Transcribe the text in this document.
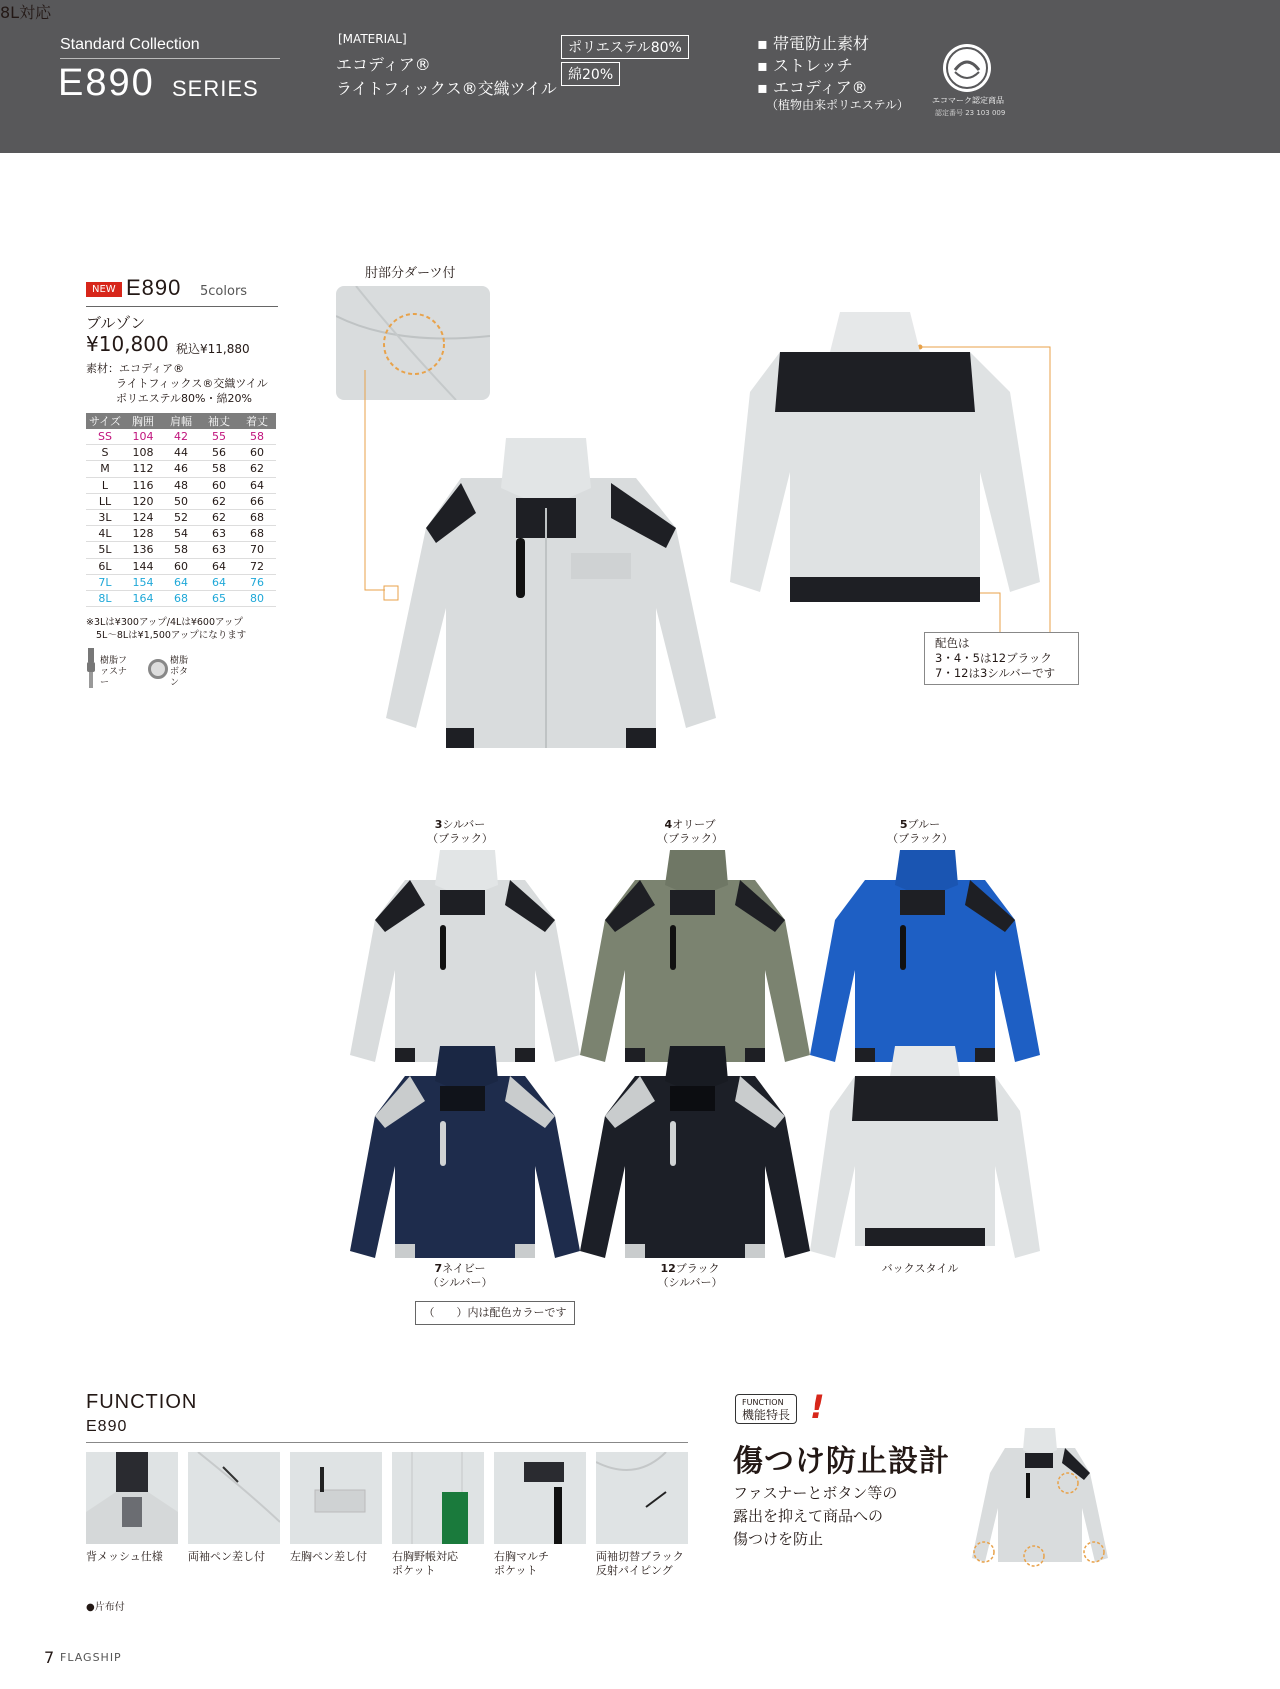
Standard Collection
E890 SERIES
[MATERIAL]
エコディア®
ライトフィックス®交織ツイル
ポリエステル80%
綿20%
▪ 帯電防止素材
▪ ストレッチ
▪ エコディア®
（植物由来ポリエステル）	エコマーク認定商品
認定番号 23 103 009
NEW E890 5colors
ブルゾン
¥10,800 税込¥11,880
素材：エコディア®
ライトフィックス®交織ツイル
ポリエステル80%・綿20%
サイズ	胸囲	肩幅	袖丈	着丈
SS	104	42	55	58
S	108	44	56	60
M	112	46	58	62
L	116	48	60	64
LL	120	50	62	66
3L	124	52	62	68
4L	128	54	63	68
5L	136	58	63	70
6L	144	60	64	72
7L	154	64	64	76
8L	164	68	65	80
※3Lは¥300アップ/4Lは¥600アップ
5L〜8Lは¥1,500アップになります
樹脂ファスナー
樹脂ボタン
8L対応
肘部分ダーツ付
配色は
3・4・5は12ブラック
7・12は3シルバーです
3シルバー
（ブラック）
4オリーブ
（ブラック）
5ブルー
（ブラック）
7ネイビー
（シルバー）
12ブラック
（シルバー）
バックスタイル
（　　）内は配色カラーです
FUNCTION
E890
背メッシュ仕様 両袖ペン差し付 左胸ペン差し付 右胸野帳対応
ポケット
右胸マルチ
ポケット
両袖切替ブラック
反射パイピング
●片布付
FUNCTION
機能特長 !
傷つけ防止設計
ファスナーとボタン等の
露出を抑えて商品への
傷つけを防止
7 FLAGSHIP
